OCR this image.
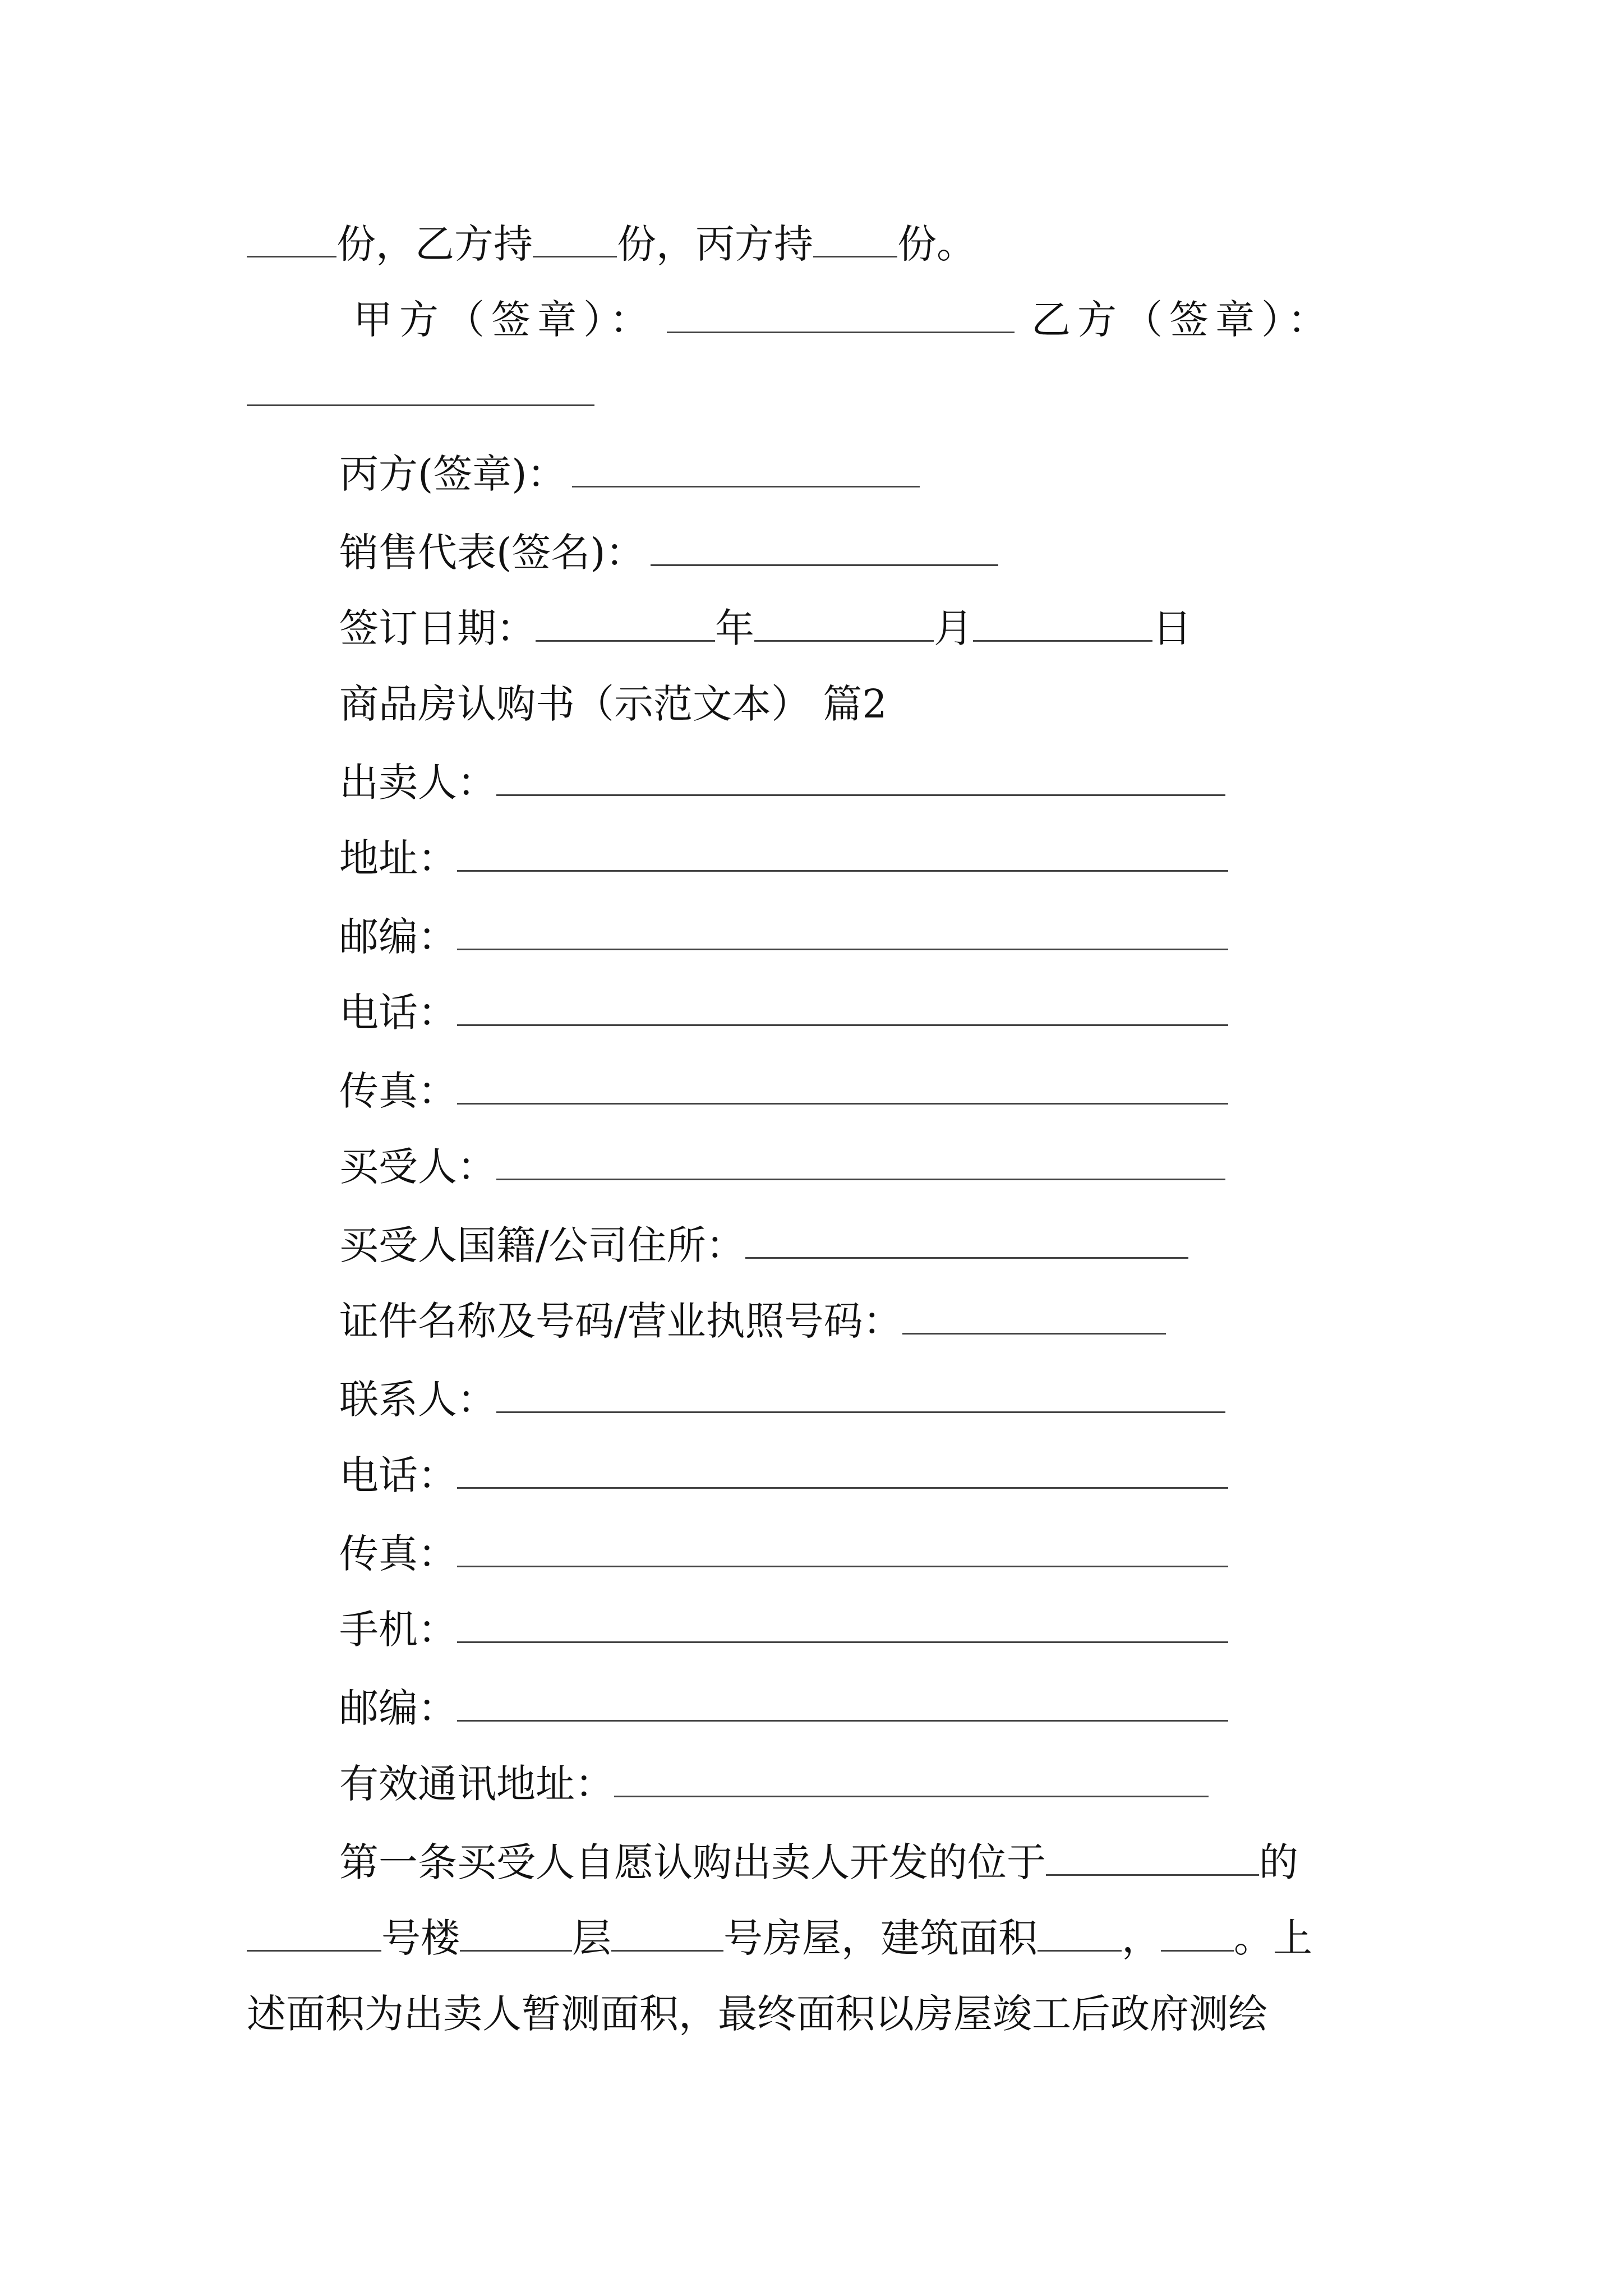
份，乙方持 份，丙方持 份。
甲方（签章）：	乙方（签章）：
丙方(签章)：
销售代表(签名)：
签订日期：	年	月	日
商品房认购书（示范文本） 篇2
出卖人：
地址：
邮编：
电话：
传真：
买受人：
买受人国籍/公司住所：
证件名称及号码/营业执照号码：
联系人：
电话：
传真：
手机：
邮编：
有效通讯地址：
第一条买受人自愿认购出卖人开发的位于	的
号楼	层	号房屋，建筑面积 ， 。上
述面积为出卖人暂测面积，最终面积以房屋竣工后政府测绘
